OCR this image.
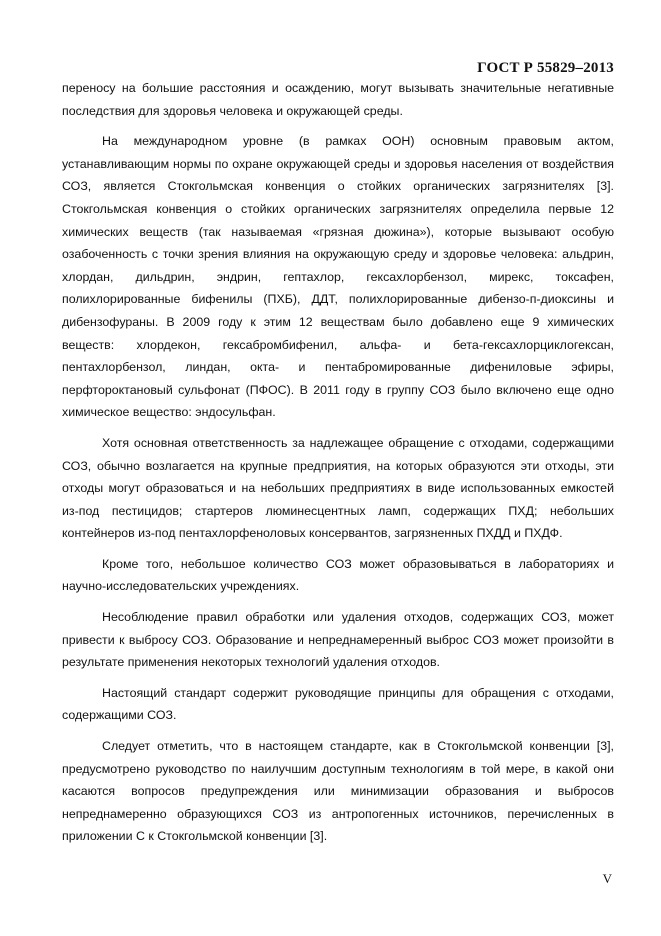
ГОСТ Р 55829–2013

переносу на большие расстояния и осаждению, могут вызывать значительные негативные последствия для здоровья человека и окружающей среды.

На международном уровне (в рамках ООН) основным правовым актом, устанавливающим нормы по охране окружающей среды и здоровья населения от воздействия СОЗ, является Стокгольмская конвенция о стойких органических загрязнителях [3]. Стокгольмская конвенция о стойких органических загрязнителях определила первые 12 химических веществ (так называемая «грязная дюжина»), которые вызывают особую озабоченность с точки зрения влияния на окружающую среду и здоровье человека: альдрин, хлордан, дильдрин, эндрин, гептахлор, гексахлорбензол, мирекс, токсафен, полихлорированные бифенилы (ПХБ), ДДТ, полихлорированные дибензо-п-диоксины и дибензофураны. В 2009 году к этим 12 веществам было добавлено еще 9 химических веществ: хлордекон, гексабромбифенил, альфа- и бета-гексахлорциклогексан, пентахлорбензол, линдан, окта- и пентабромированные дифениловые эфиры, перфтороктановый сульфонат (ПФОС). В 2011 году в группу СОЗ было включено еще одно химическое вещество: эндосульфан.

Хотя основная ответственность за надлежащее обращение с отходами, содержащими СОЗ, обычно возлагается на крупные предприятия, на которых образуются эти отходы, эти отходы могут образоваться и на небольших предприятиях в виде использованных емкостей из-под пестицидов; стартеров люминесцентных ламп, содержащих ПХД; небольших контейнеров из-под пентахлорфеноловых консервантов, загрязненных ПХДД и ПХДФ.

Кроме того, небольшое количество СОЗ может образовываться в лабораториях и научно-исследовательских учреждениях.

Несоблюдение правил обработки или удаления отходов, содержащих СОЗ, может привести к выбросу СОЗ. Образование и непреднамеренный выброс СОЗ может произойти в результате применения некоторых технологий удаления отходов.

Настоящий стандарт содержит руководящие принципы для обращения с отходами, содержащими СОЗ.

Следует отметить, что в настоящем стандарте, как в Стокгольмской конвенции [3], предусмотрено руководство по наилучшим доступным технологиям в той мере, в какой они касаются вопросов предупреждения или минимизации образования и выбросов непреднамеренно образующихся СОЗ из антропогенных источников, перечисленных в приложении С к Стокгольмской конвенции [3].

V
